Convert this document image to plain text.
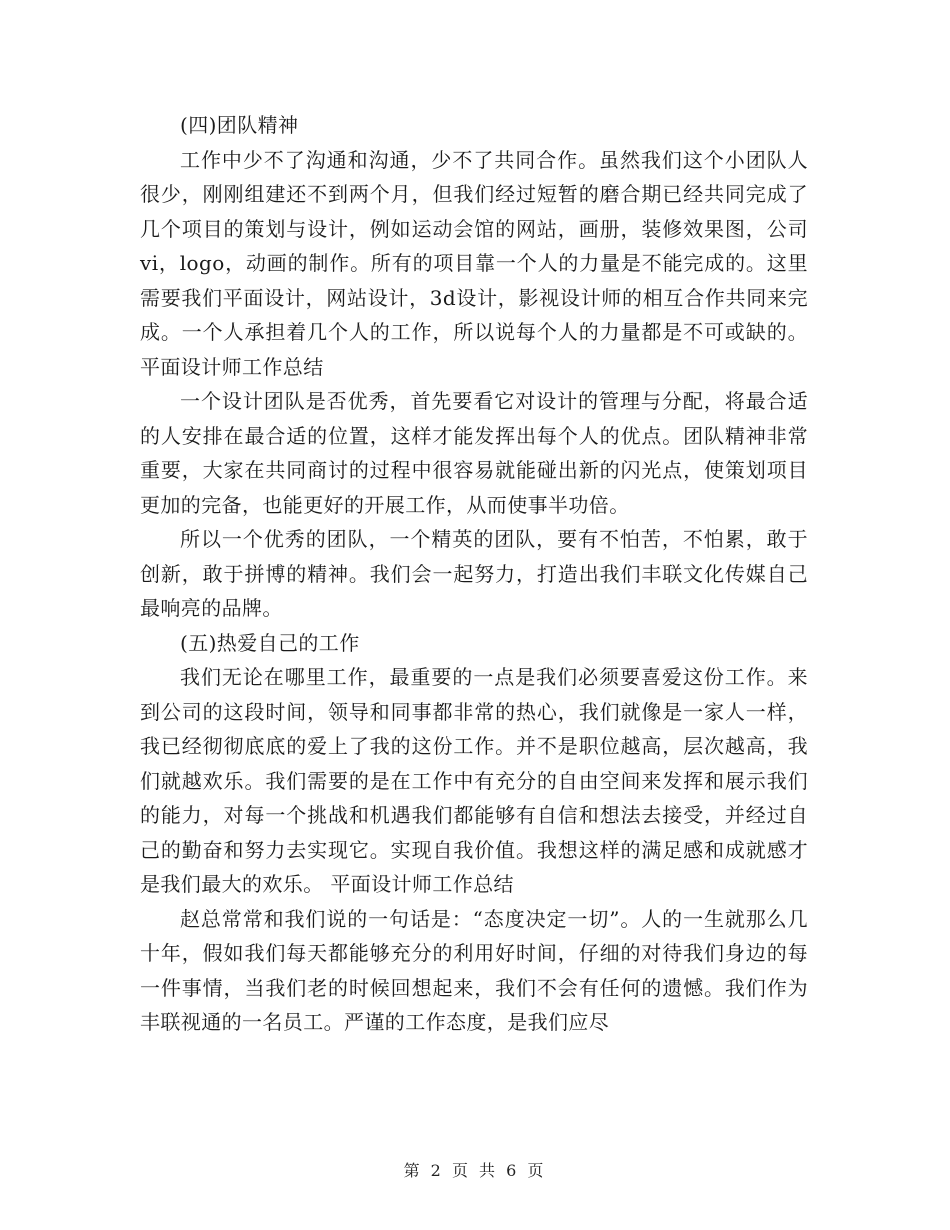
(四)团队精神

工作中少不了沟通和沟通，少不了共同合作。虽然我们这个小团队人很少，刚刚组建还不到两个月，但我们经过短暂的磨合期已经共同完成了几个项目的策划与设计，例如运动会馆的网站，画册，装修效果图，公司vi，logo，动画的制作。所有的项目靠一个人的力量是不能完成的。这里需要我们平面设计，网站设计，3d设计，影视设计师的相互合作共同来完成。一个人承担着几个人的工作，所以说每个人的力量都是不可或缺的。 平面设计师工作总结

一个设计团队是否优秀，首先要看它对设计的管理与分配，将最合适的人安排在最合适的位置，这样才能发挥出每个人的优点。团队精神非常重要，大家在共同商讨的过程中很容易就能碰出新的闪光点，使策划项目更加的完备，也能更好的开展工作，从而使事半功倍。

所以一个优秀的团队，一个精英的团队，要有不怕苦，不怕累，敢于创新，敢于拼博的精神。我们会一起努力，打造出我们丰联文化传媒自己最响亮的品牌。

(五)热爱自己的工作

我们无论在哪里工作，最重要的一点是我们必须要喜爱这份工作。来到公司的这段时间，领导和同事都非常的热心，我们就像是一家人一样，我已经彻彻底底的爱上了我的这份工作。并不是职位越高，层次越高，我们就越欢乐。我们需要的是在工作中有充分的自由空间来发挥和展示我们的能力，对每一个挑战和机遇我们都能够有自信和想法去接受，并经过自己的勤奋和努力去实现它。实现自我价值。我想这样的满足感和成就感才是我们最大的欢乐。 平面设计师工作总结

赵总常常和我们说的一句话是：“态度决定一切”。人的一生就那么几十年，假如我们每天都能够充分的利用好时间，仔细的对待我们身边的每一件事情，当我们老的时候回想起来，我们不会有任何的遗憾。我们作为丰联视通的一名员工。严谨的工作态度，是我们应尽

第 2 页 共 6 页
